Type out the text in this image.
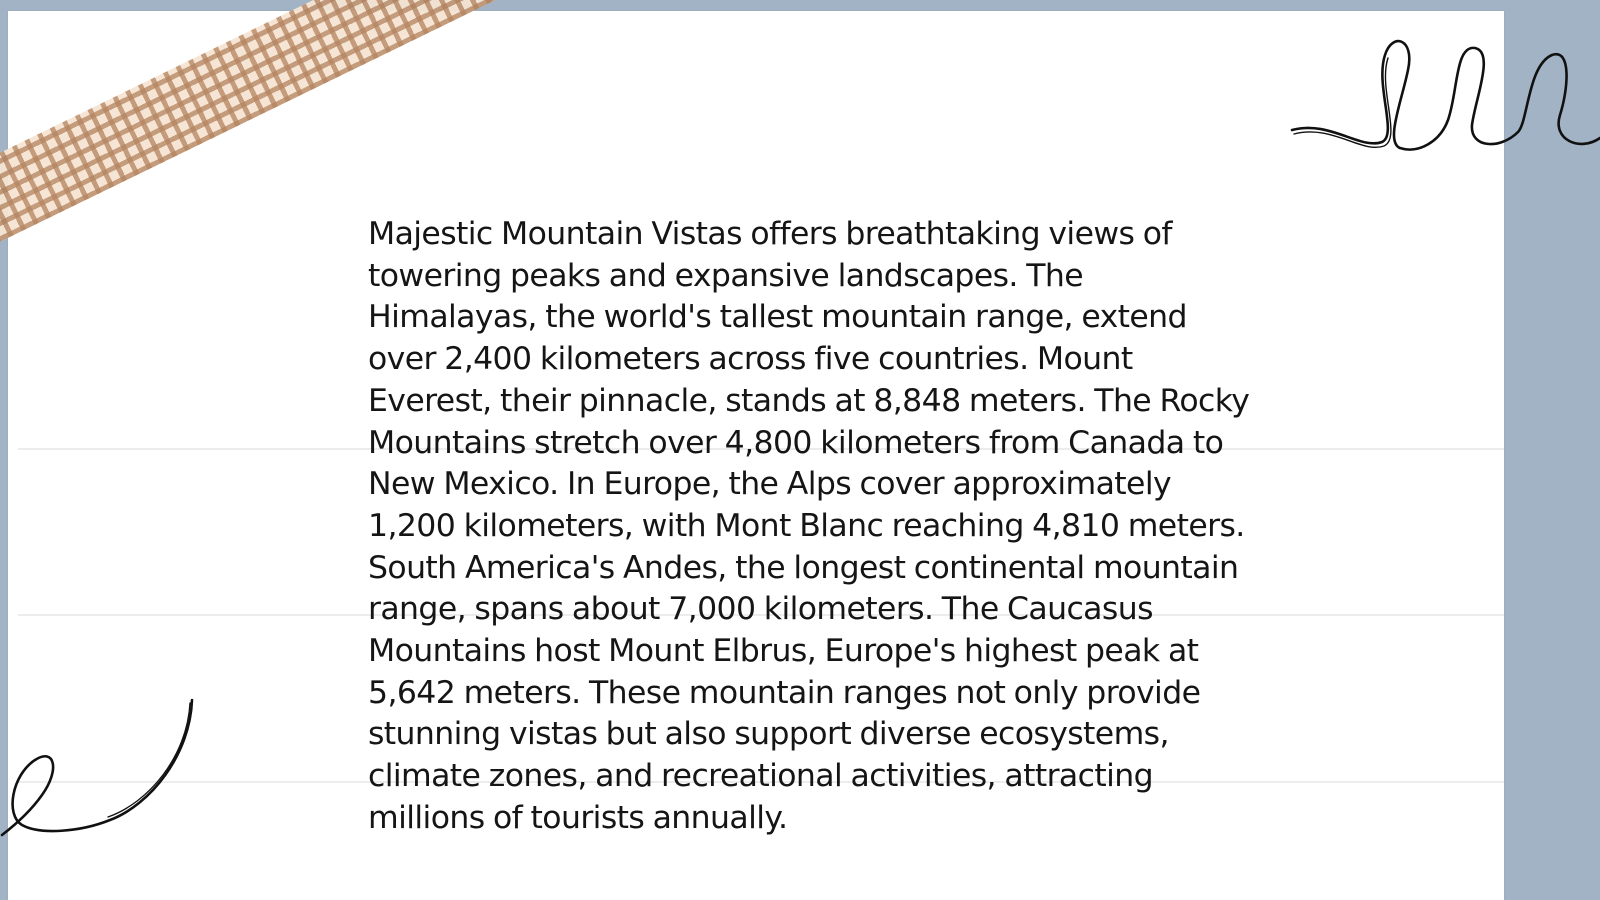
Majestic Mountain Vistas offers breathtaking views of towering peaks and expansive landscapes. The Himalayas, the world's tallest mountain range, extend over 2,400 kilometers across five countries. Mount Everest, their pinnacle, stands at 8,848 meters. The Rocky Mountains stretch over 4,800 kilometers from Canada to New Mexico. In Europe, the Alps cover approximately 1,200 kilometers, with Mont Blanc reaching 4,810 meters. South America's Andes, the longest continental mountain range, spans about 7,000 kilometers. The Caucasus Mountains host Mount Elbrus, Europe's highest peak at 5,642 meters. These mountain ranges not only provide stunning vistas but also support diverse ecosystems, climate zones, and recreational activities, attracting millions of tourists annually.
